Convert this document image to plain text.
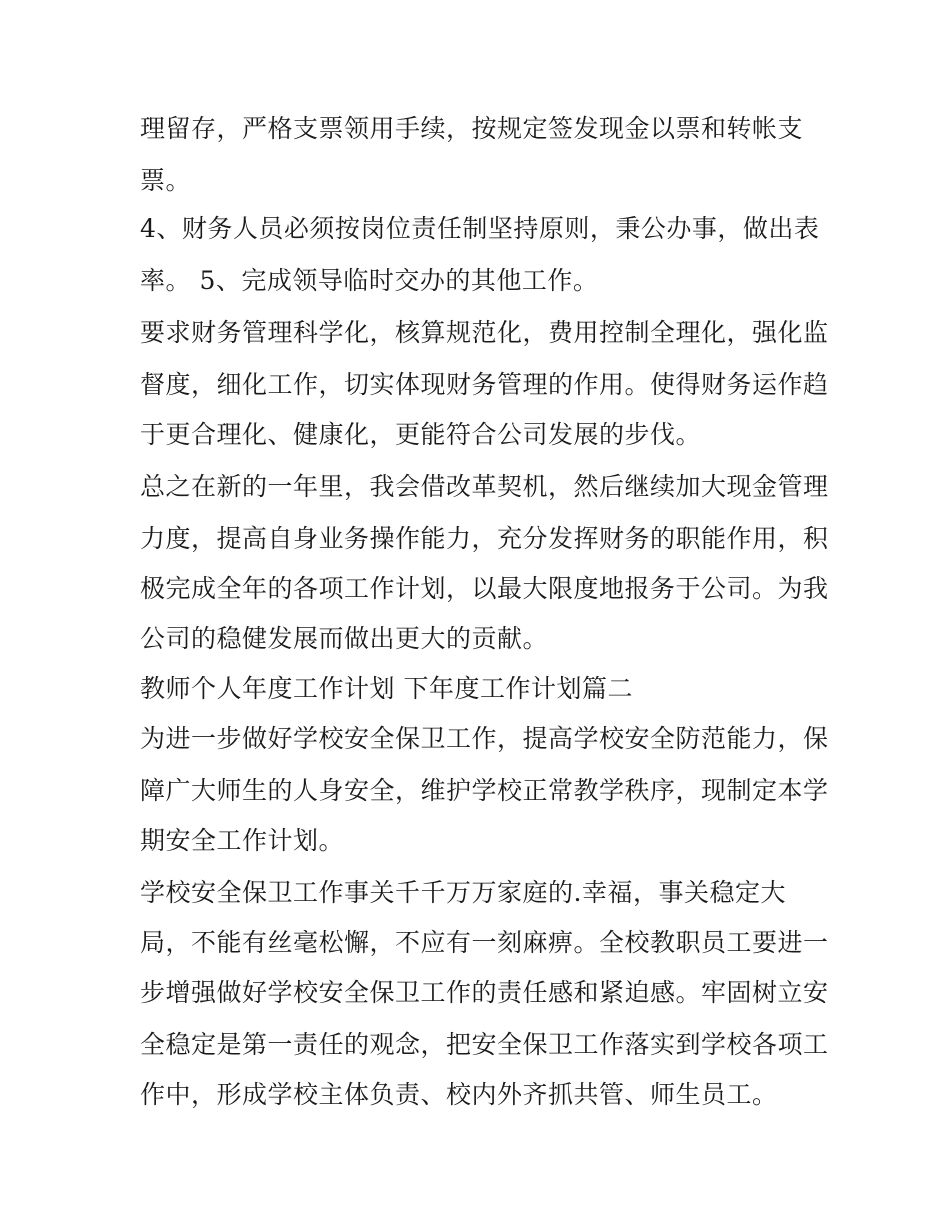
理留存，严格支票领用手续，按规定签发现金以票和转帐支

票。

4、财务人员必须按岗位责任制坚持原则，秉公办事，做出表

率。 5、完成领导临时交办的其他工作。

要求财务管理科学化，核算规范化，费用控制全理化，强化监

督度，细化工作，切实体现财务管理的作用。使得财务运作趋

于更合理化、健康化，更能符合公司发展的步伐。

总之在新的一年里，我会借改革契机，然后继续加大现金管理

力度，提高自身业务操作能力，充分发挥财务的职能作用，积

极完成全年的各项工作计划，以最大限度地报务于公司。为我

公司的稳健发展而做出更大的贡献。

教师个人年度工作计划 下年度工作计划篇二

为进一步做好学校安全保卫工作，提高学校安全防范能力，保

障广大师生的人身安全，维护学校正常教学秩序，现制定本学

期安全工作计划。

学校安全保卫工作事关千千万万家庭的.幸福，事关稳定大

局，不能有丝毫松懈，不应有一刻麻痹。全校教职员工要进一

步增强做好学校安全保卫工作的责任感和紧迫感。牢固树立安

全稳定是第一责任的观念，把安全保卫工作落实到学校各项工

作中，形成学校主体负责、校内外齐抓共管、师生员工。
